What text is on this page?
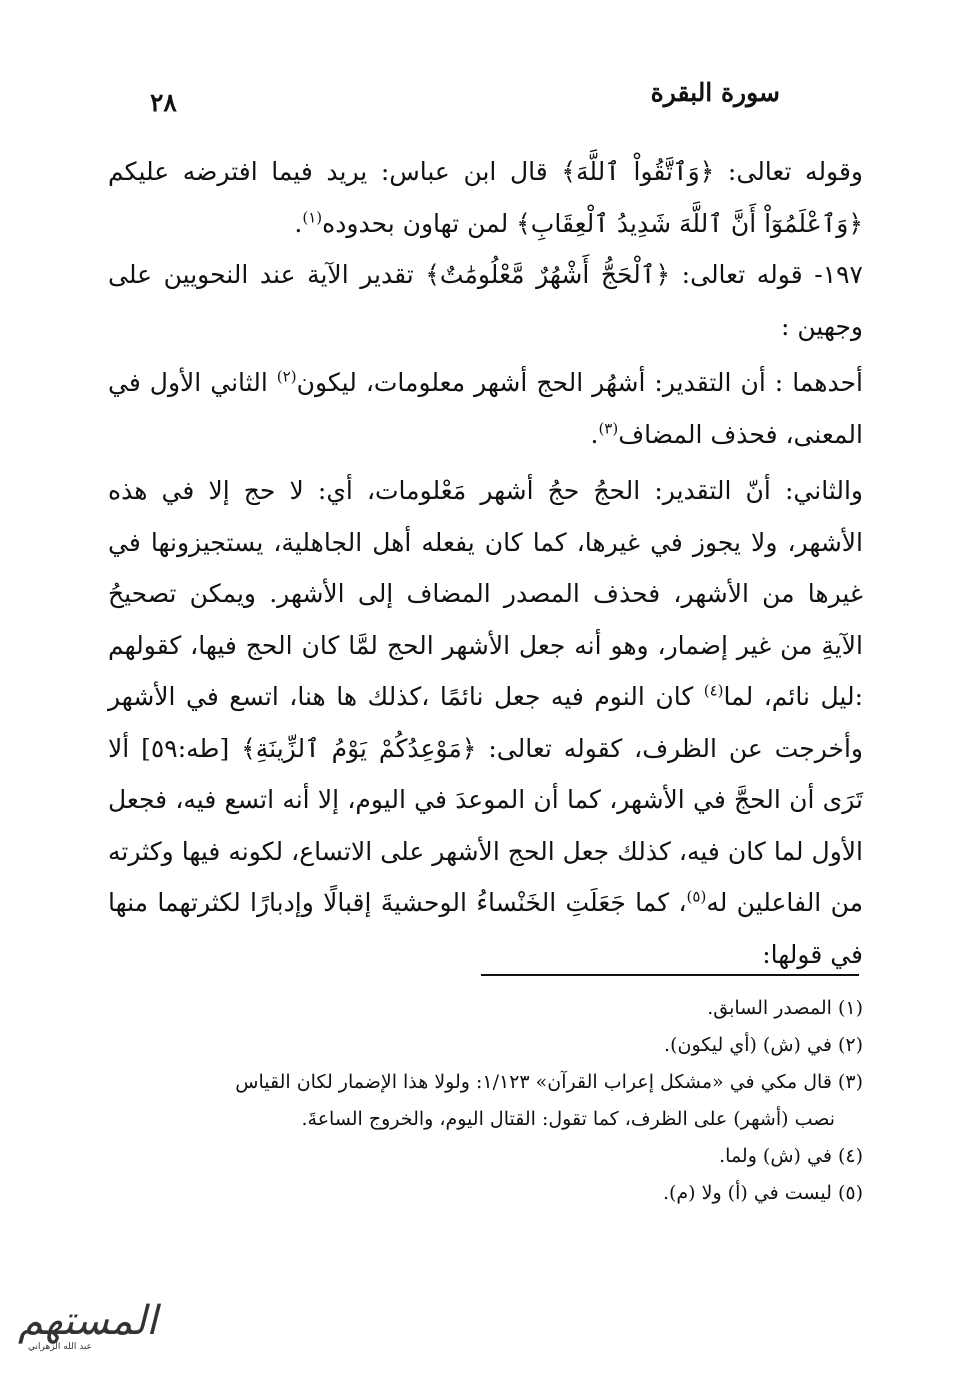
سورة البقرة
٢٨

وقوله تعالى: ﴿وَٱتَّقُواْ ٱللَّهَ﴾ قال ابن عباس: يريد فيما افترضه عليكم ﴿وَٱعْلَمُوٓاْ أَنَّ ٱللَّهَ شَدِيدُ ٱلْعِقَابِ﴾ لمن تهاون بحدوده$^{(١)}$.

١٩٧- قوله تعالى: ﴿ٱلْحَجُّ أَشْهُرٌ مَّعْلُومَٰتٌ﴾ تقدير الآية عند النحويين على وجهين :

أحدهما : أن التقدير: أشهُر الحج أشهر معلومات، ليكون$^{(٢)}$ الثاني الأول في المعنى، فحذف المضاف$^{(٣)}$.

والثاني: أنّ التقدير: الحجُ حجُ أشهر مَعْلومات، أي: لا حج إلا في هذه الأشهر، ولا يجوز في غيرها، كما كان يفعله أهل الجاهلية، يستجيزونها في غيرها من الأشهر، فحذف المصدر المضاف إلى الأشهر. ويمكن تصحيحُ الآيةِ من غير إضمار، وهو أنه جعل الأشهر الحج لمَّا كان الحج فيها، كقولهم :ليل نائم، لما$^{(٤)}$ كان النوم فيه جعل نائمًا ،كذلك ها هنا، اتسع في الأشهر وأخرجت عن الظرف، كقوله تعالى: ﴿مَوْعِدُكُمْ يَوْمُ ٱلزِّينَةِ﴾ [طه:٥٩] ألا تَرَى أن الحجَّ في الأشهر، كما أن الموعدَ في اليوم، إلا أنه اتسع فيه، فجعل الأول لما كان فيه، كذلك جعل الحج الأشهر على الاتساع، لكونه فيها وكثرته من الفاعلين له$^{(٥)}$، كما جَعَلَتِ الخَنْساءُ الوحشيةَ إقبالًا وإدبارًا لكثرتهما منها في قولها:

(١) المصدر السابق.

(٢) في (ش) (أي ليكون).

(٣) قال مكي في «مشكل إعراب القرآن» ١/١٢٣: ولولا هذا الإضمار لكان القياس

نصب (أشهر) على الظرف، كما تقول: القتال اليوم، والخروج الساعةَ.

(٤) في (ش) ولما.

(٥) ليست في (أ) ولا (م).

المستهم
عبد الله الزهراني
